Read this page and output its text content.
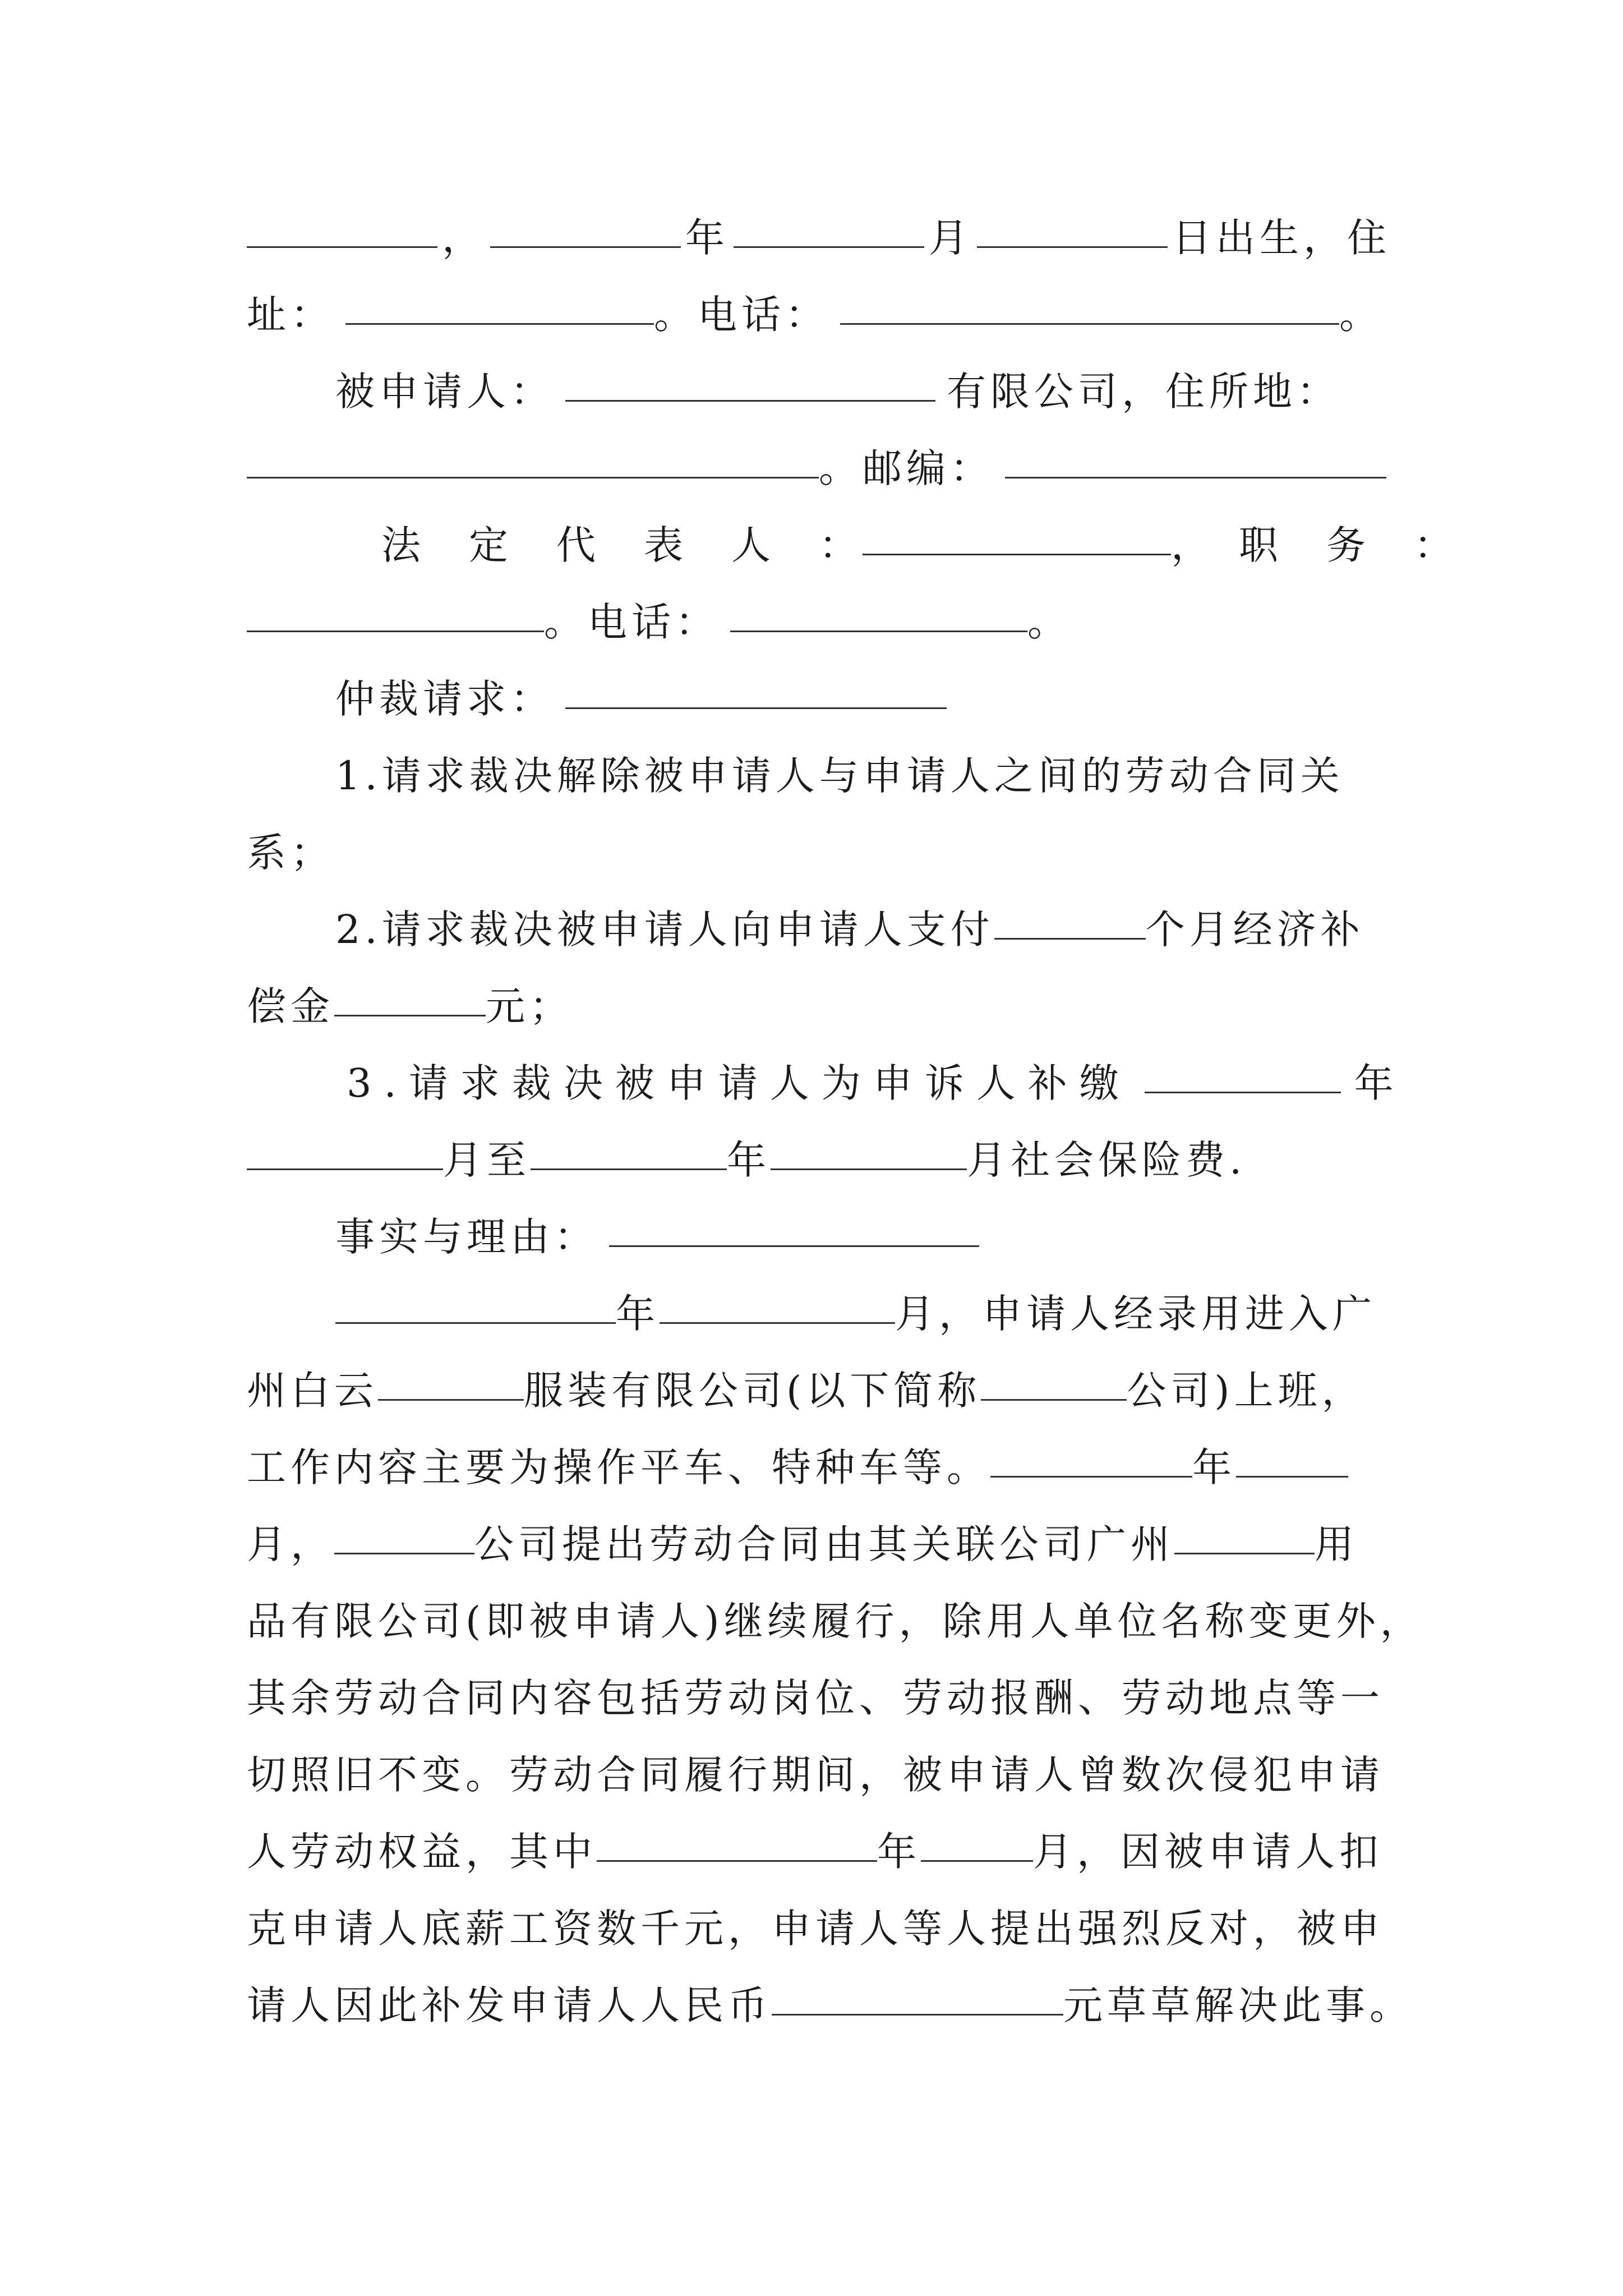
，	年	月	日出生，住
址：	。电话：	。
被申请人：	有限公司，住所地：
。邮编：
法　定　代　表　人　：	，　职　务　：
。电话：	。
仲裁请求：
1.请求裁决解除被申请人与申请人之间的劳动合同关
系；
2.请求裁决被申请人向申请人支付	个月经济补
偿金	元；
3.请求裁决被申请人为申诉人补缴	年
月至	年	月社会保险费.
事实与理由：
年	月，申请人经录用进入广
州白云	服装有限公司(以下简称	公司)上班，
工作内容主要为操作平车、特种车等。	年
月，	公司提出劳动合同由其关联公司广州	用
品有限公司(即被申请人)继续履行，除用人单位名称变更外，
其余劳动合同内容包括劳动岗位、劳动报酬、劳动地点等一
切照旧不变。劳动合同履行期间，被申请人曾数次侵犯申请
人劳动权益，其中	年	月，因被申请人扣
克申请人底薪工资数千元，申请人等人提出强烈反对，被申
请人因此补发申请人人民币	元草草解决此事。
